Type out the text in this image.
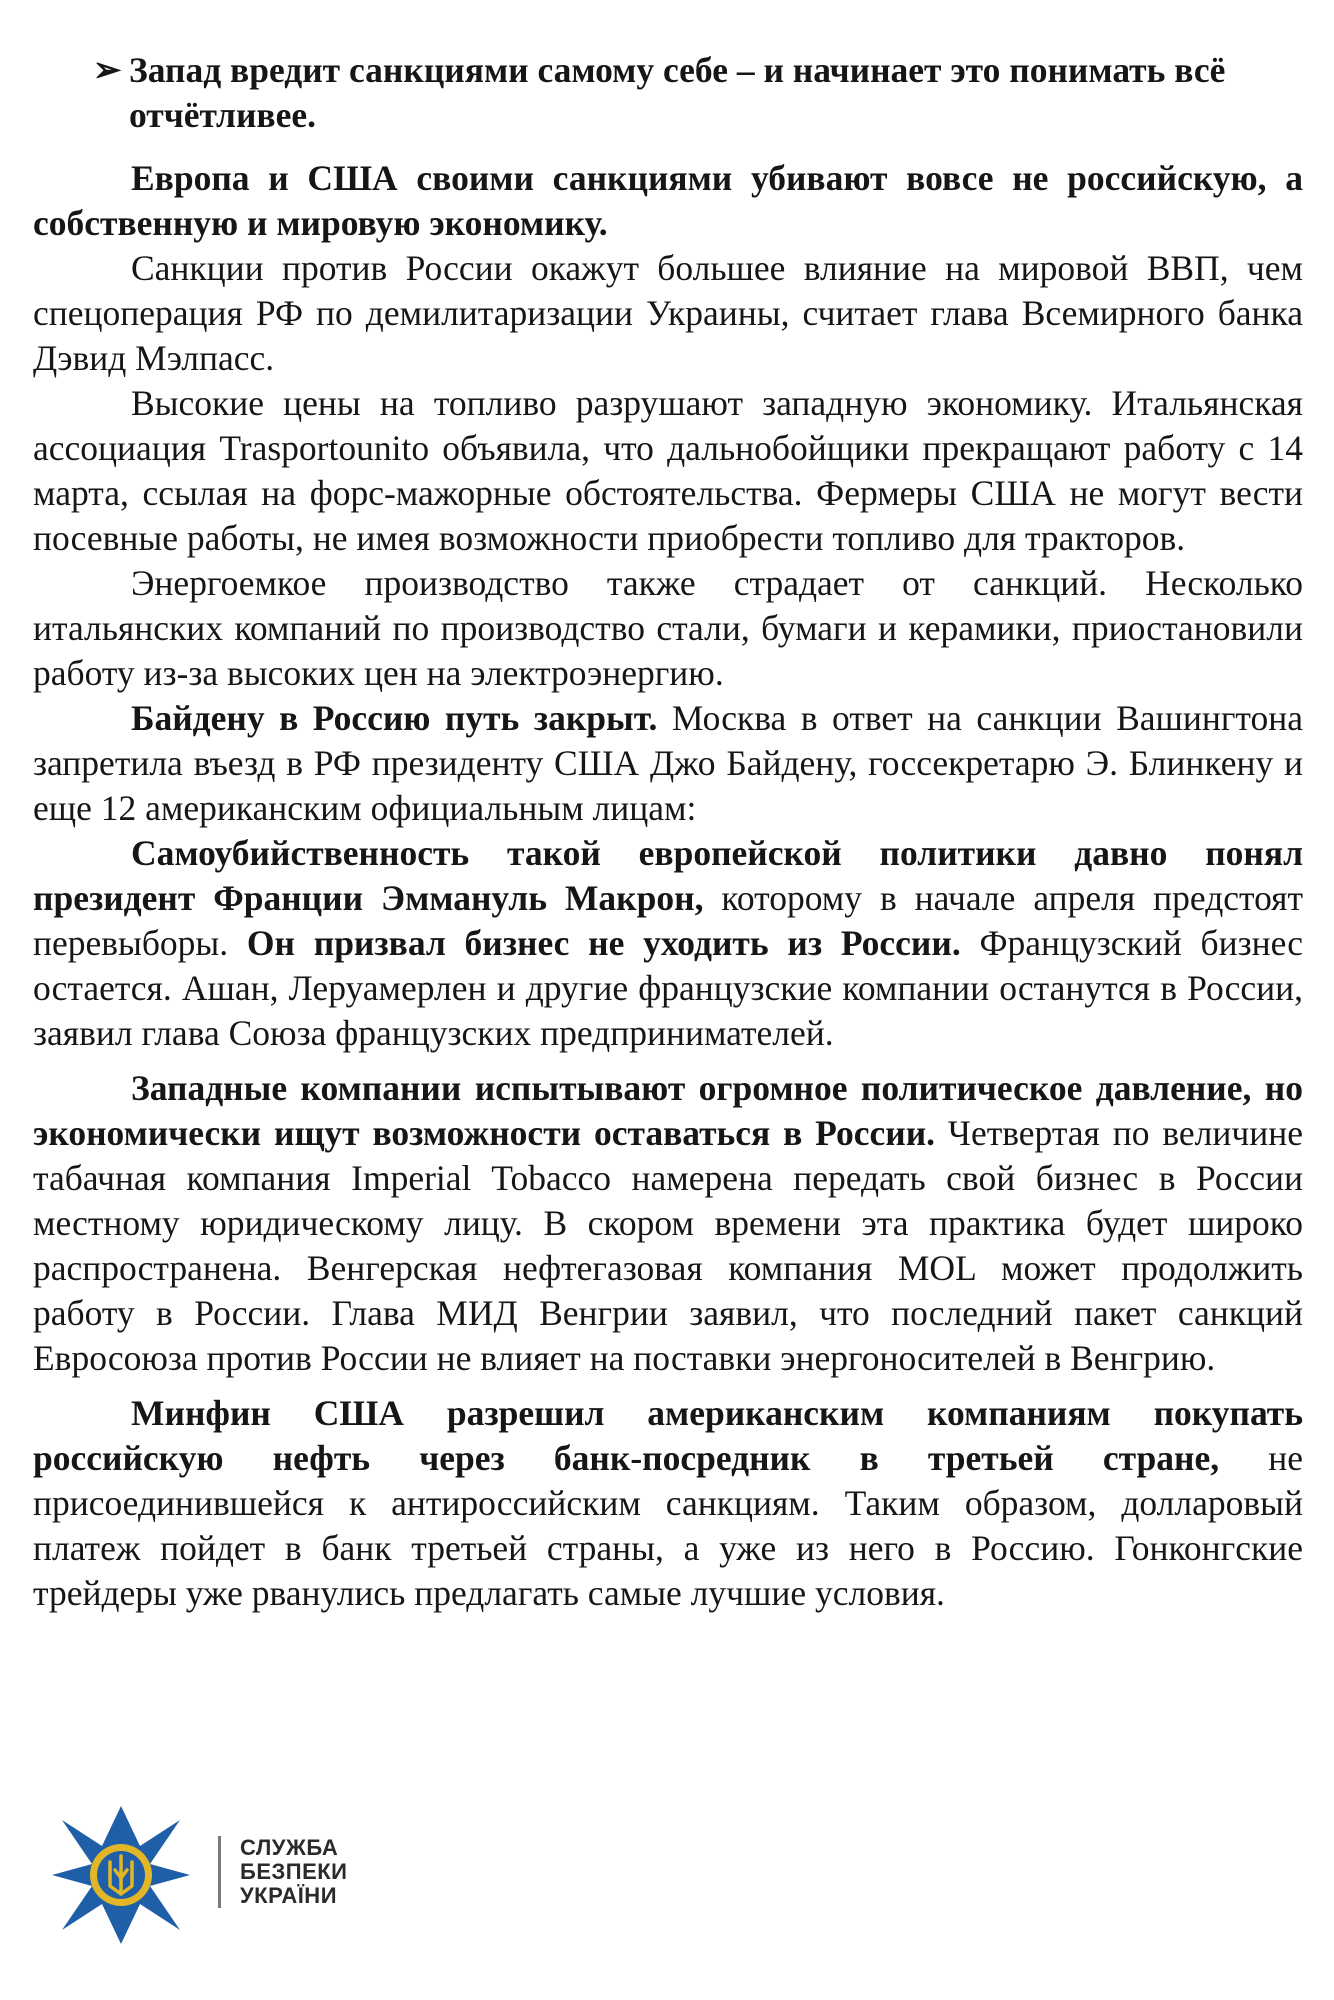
➢ Запад вредит санкциями самому себе – и начинает это понимать всё отчётливее.

Европа и США своими санкциями убивают вовсе не российскую, а собственную и мировую экономику.

Санкции против России окажут большее влияние на мировой ВВП, чем спецоперация РФ по демилитаризации Украины, считает глава Всемирного банка Дэвид Мэлпасс.

Высокие цены на топливо разрушают западную экономику. Итальянская ассоциация Trasportounito объявила, что дальнобойщики прекращают работу с 14 марта, ссылая на форс-мажорные обстоятельства. Фермеры США не могут вести посевные работы, не имея возможности приобрести топливо для тракторов.

Энергоемкое производство также страдает от санкций. Несколько итальянских компаний по производство стали, бумаги и керамики, приостановили работу из-за высоких цен на электроэнергию.

Байдену в Россию путь закрыт. Москва в ответ на санкции Вашингтона запретила въезд в РФ президенту США Джо Байдену, госсекретарю Э. Блинкену и еще 12 американским официальным лицам:

Самоубийственность такой европейской политики давно понял президент Франции Эммануль Макрон, которому в начале апреля предстоят перевыборы. Он призвал бизнес не уходить из России. Французский бизнес остается. Ашан, Леруамерлен и другие французские компании останутся в России, заявил глава Союза французских предпринимателей.

Западные компании испытывают огромное политическое давление, но экономически ищут возможности оставаться в России. Четвертая по величине табачная компания Imperial Tobacco намерена передать свой бизнес в России местному юридическому лицу. В скором времени эта практика будет широко распространена. Венгерская нефтегазовая компания MOL может продолжить работу в России. Глава МИД Венгрии заявил, что последний пакет санкций Евросоюза против России не влияет на поставки энергоносителей в Венгрию.

Минфин США разрешил американским компаниям покупать российскую нефть через банк-посредник в третьей стране, не присоединившейся к антироссийским санкциям. Таким образом, долларовый платеж пойдет в банк третьей страны, а уже из него в Россию. Гонконгские трейдеры уже рванулись предлагать самые лучшие условия.

СЛУЖБА
БЕЗПЕКИ
УКРАЇНИ
